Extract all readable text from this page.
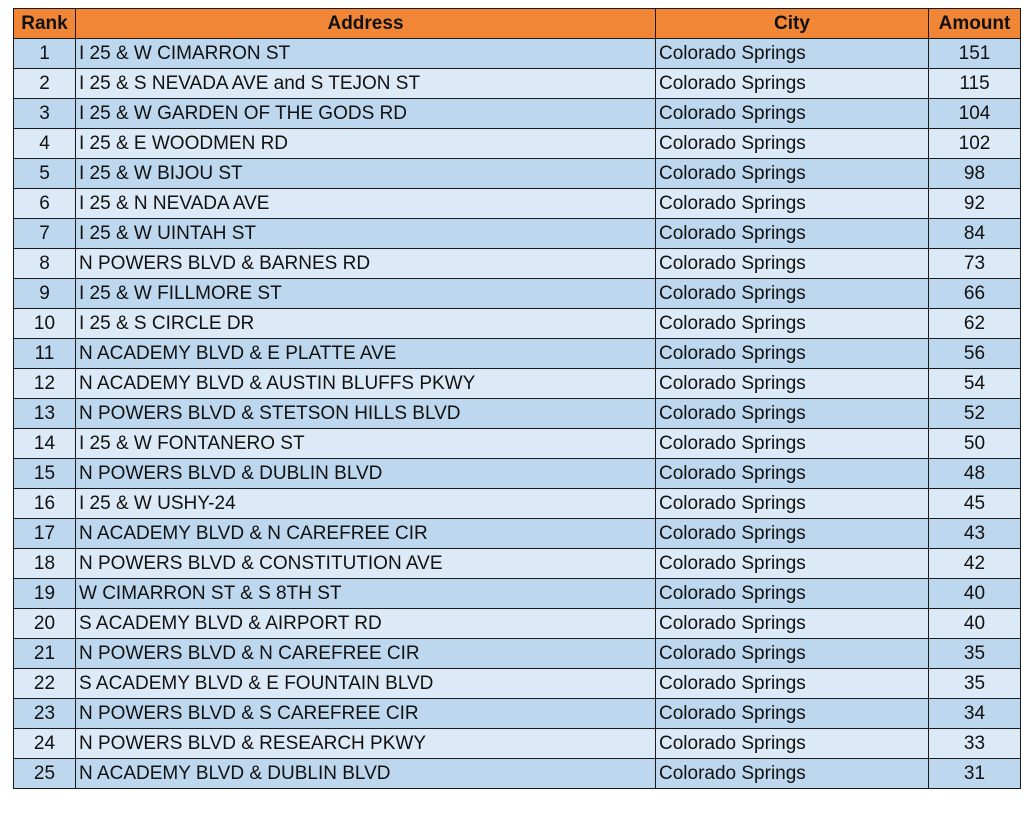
Rank	Address	City	Amount
1	I 25 & W CIMARRON ST	Colorado Springs	151
2	I 25 & S NEVADA AVE and S TEJON ST	Colorado Springs	115
3	I 25 & W GARDEN OF THE GODS RD	Colorado Springs	104
4	I 25 & E WOODMEN RD	Colorado Springs	102
5	I 25 & W BIJOU ST	Colorado Springs	98
6	I 25 & N NEVADA AVE	Colorado Springs	92
7	I 25 & W UINTAH ST	Colorado Springs	84
8	N POWERS BLVD & BARNES RD	Colorado Springs	73
9	I 25 & W FILLMORE ST	Colorado Springs	66
10	I 25 & S CIRCLE DR	Colorado Springs	62
11	N ACADEMY BLVD & E PLATTE AVE	Colorado Springs	56
12	N ACADEMY BLVD & AUSTIN BLUFFS PKWY	Colorado Springs	54
13	N POWERS BLVD & STETSON HILLS BLVD	Colorado Springs	52
14	I 25 & W FONTANERO ST	Colorado Springs	50
15	N POWERS BLVD & DUBLIN BLVD	Colorado Springs	48
16	I 25 & W USHY-24	Colorado Springs	45
17	N ACADEMY BLVD & N CAREFREE CIR	Colorado Springs	43
18	N POWERS BLVD & CONSTITUTION AVE	Colorado Springs	42
19	W CIMARRON ST & S 8TH ST	Colorado Springs	40
20	S ACADEMY BLVD & AIRPORT RD	Colorado Springs	40
21	N POWERS BLVD & N CAREFREE CIR	Colorado Springs	35
22	S ACADEMY BLVD & E FOUNTAIN BLVD	Colorado Springs	35
23	N POWERS BLVD & S CAREFREE CIR	Colorado Springs	34
24	N POWERS BLVD & RESEARCH PKWY	Colorado Springs	33
25	N ACADEMY BLVD & DUBLIN BLVD	Colorado Springs	31
